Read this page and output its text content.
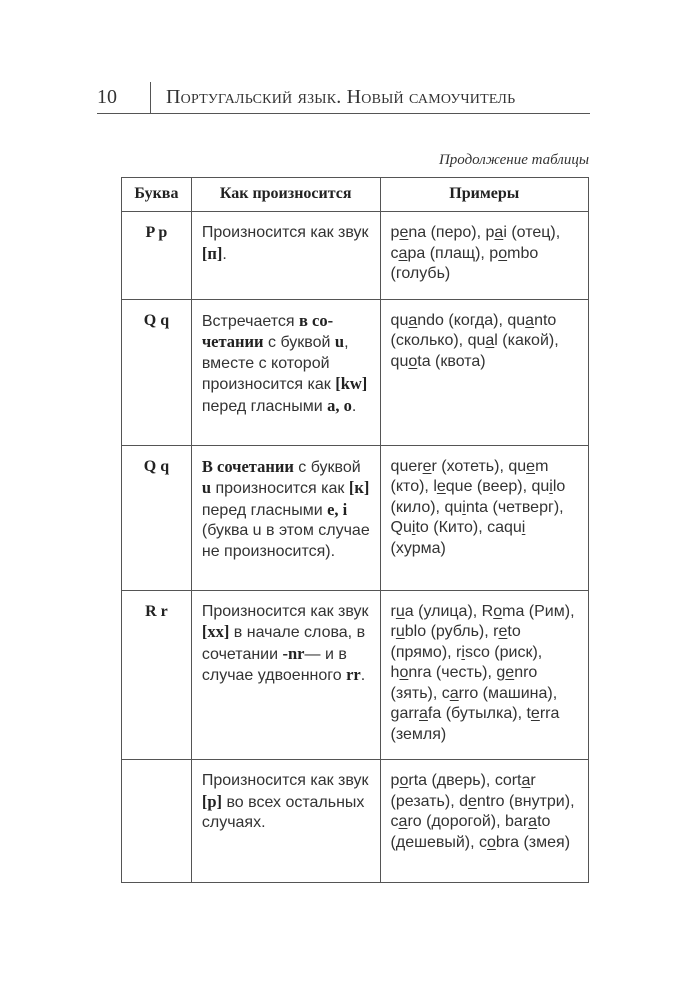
10 Португальский язык. Новый самоучитель
Продолжение таблицы
Буква	Как произносится	Примеры
P p	Произносится как звук [п].	pena (перо), pai (отец), capa (плащ), pombo (голубь)
Q q	Встречается в сочетании с буквой u, вместе с которой произносится как [kw] перед гласными a, o.	quando (когда), quanto (сколько), qual (какой), quota (квота)
Q q	В сочетании с буквой u произносится как [к] перед гласными e, i (буква u в этом случае не произносится).	querer (хотеть), quem (кто), leque (веер), quilo (кило), quinta (четверг), Quito (Кито), caqui (хурма)
R r	Произносится как звук [хх] в начале слова, в сочетании -nr— и в случае удвоенного rr.	rua (улица), Roma (Рим), rublo (рубль), reto (прямо), risco (риск), honra (честь), genro (зять), carro (машина), garrafa (бутылка), terra (земля)
	Произносится как звук [р] во всех остальных случаях.	porta (дверь), cortar (резать), dentro (внутри), caro (дорогой), barato (дешевый), cobra (змея)
